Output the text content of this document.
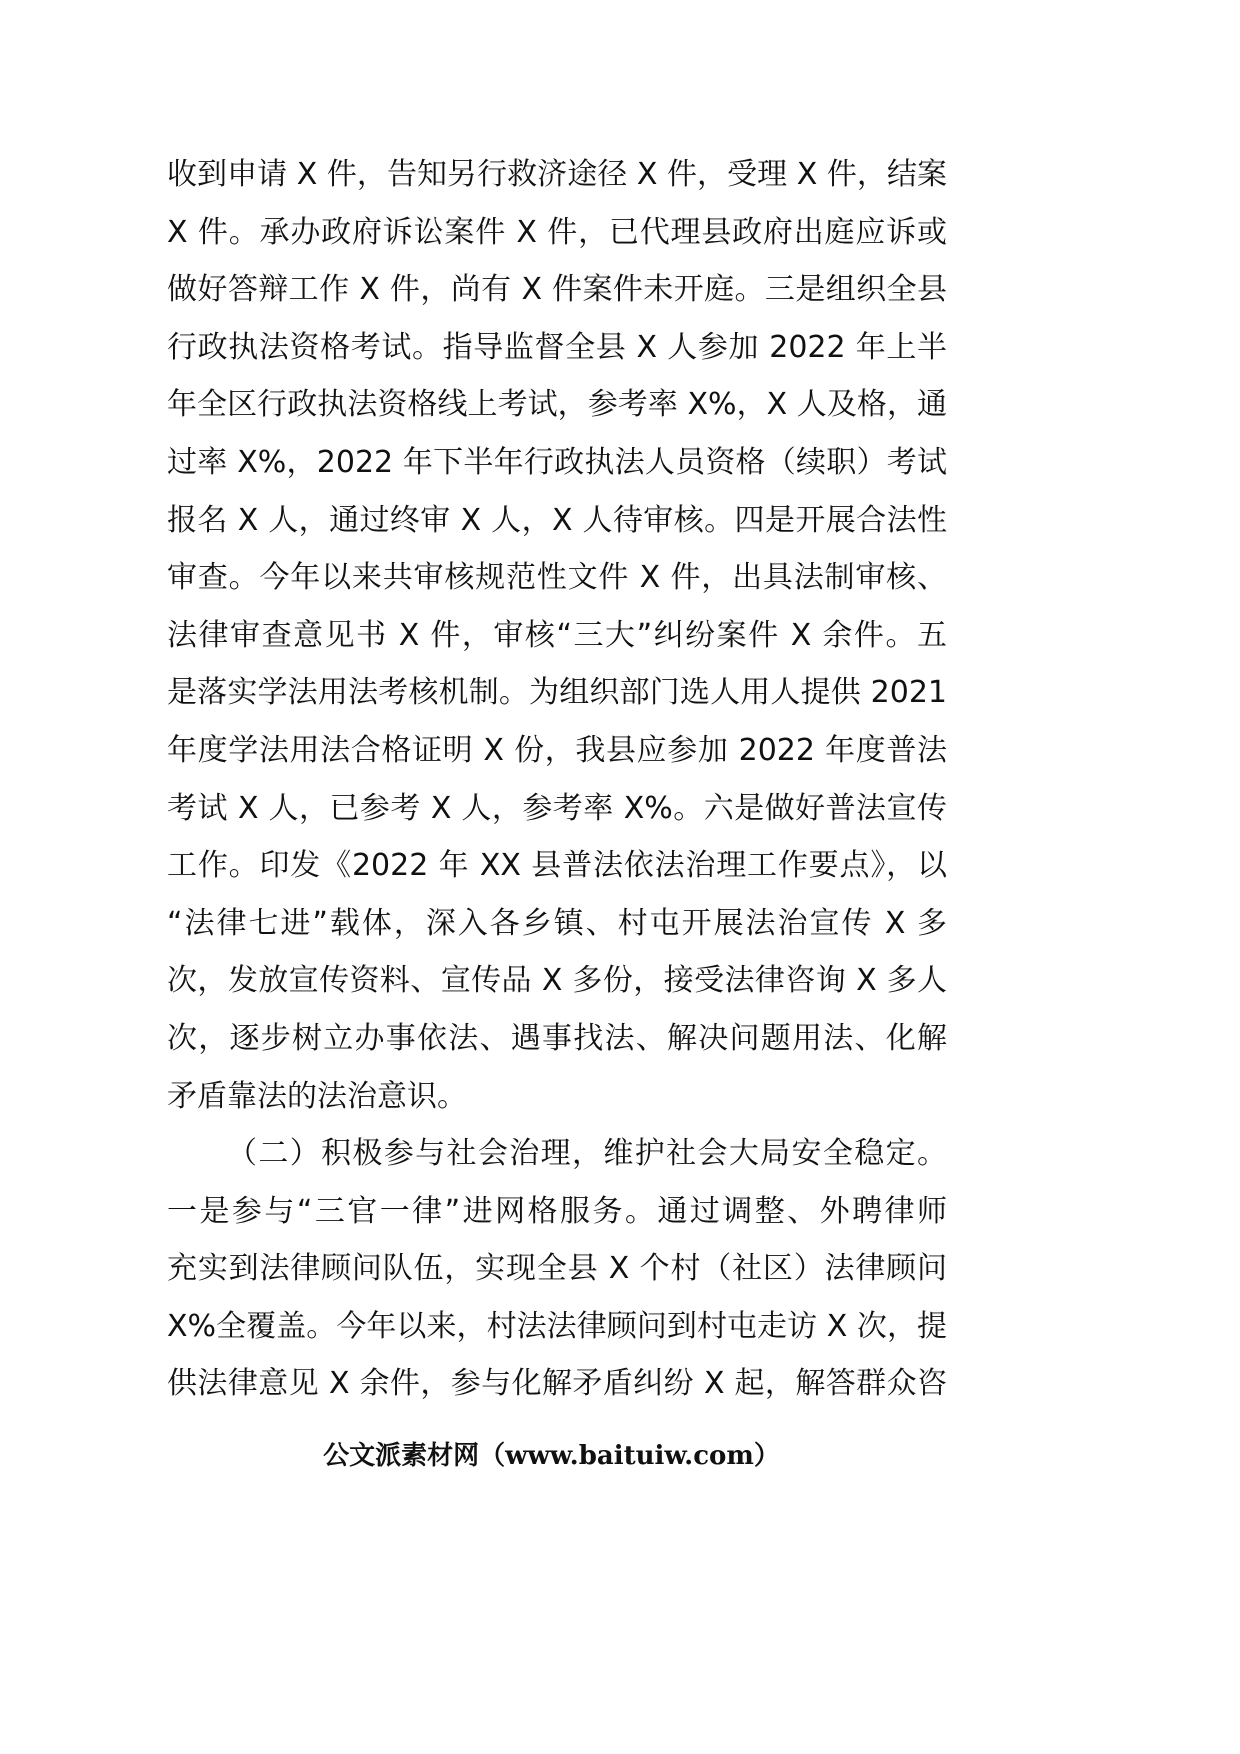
收到申请 X 件，告知另行救济途径 X 件，受理 X 件，结案
X 件。承办政府诉讼案件 X 件，已代理县政府出庭应诉或
做好答辩工作 X 件，尚有 X 件案件未开庭。三是组织全县
行政执法资格考试。指导监督全县 X 人参加 2022 年上半
年全区行政执法资格线上考试，参考率 X%，X 人及格，通
过率 X%，2022 年下半年行政执法人员资格（续职）考试
报名 X 人，通过终审 X 人，X 人待审核。四是开展合法性
审查。今年以来共审核规范性文件 X 件，出具法制审核、
法律审查意见书 X 件，审核“三大”纠纷案件 X 余件。五
是落实学法用法考核机制。为组织部门选人用人提供 2021
年度学法用法合格证明 X 份，我县应参加 2022 年度普法
考试 X 人，已参考 X 人，参考率 X%。六是做好普法宣传
工作。印发《2022 年 XX 县普法依法治理工作要点》，以
“法律七进”载体，深入各乡镇、村屯开展法治宣传 X 多
次，发放宣传资料、宣传品 X 多份，接受法律咨询 X 多人
次，逐步树立办事依法、遇事找法、解决问题用法、化解
矛盾靠法的法治意识。
（二）积极参与社会治理，维护社会大局安全稳定。
一是参与“三官一律”进网格服务。通过调整、外聘律师
充实到法律顾问队伍，实现全县 X 个村（社区）法律顾问
X%全覆盖。今年以来，村法法律顾问到村屯走访 X 次，提
供法律意见 X 余件，参与化解矛盾纠纷 X 起，解答群众咨
公文派素材网（www.baituiw.com）
